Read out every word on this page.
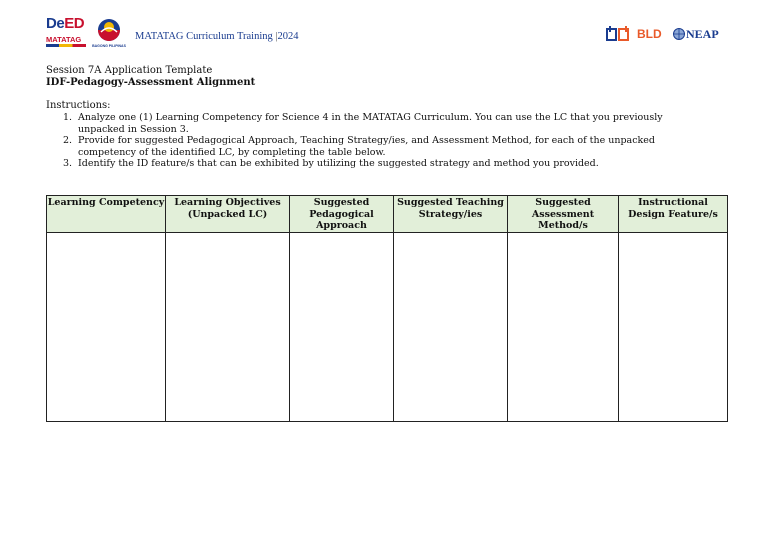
DeED
MATATAG
BAGONG PILIPINAS
MATATAG Curriculum Training |2024	BLD	NEAP
Session 7A Application Template
IDF-Pedagogy-Assessment Alignment
Instructions:
1. Analyze one (1) Learning Competency for Science 4 in the MATATAG Curriculum. You can use the LC that you previously unpacked in Session 3.
2. Provide for suggested Pedagogical Approach, Teaching Strategy/ies, and Assessment Method, for each of the unpacked competency of the identified LC, by completing the table below.
3. Identify the ID feature/s that can be exhibited by utilizing the suggested strategy and method you provided.
Learning Competency	Learning Objectives (Unpacked LC)	Suggested Pedagogical Approach	Suggested Teaching Strategy/ies	Suggested Assessment Method/s	Instructional Design Feature/s
